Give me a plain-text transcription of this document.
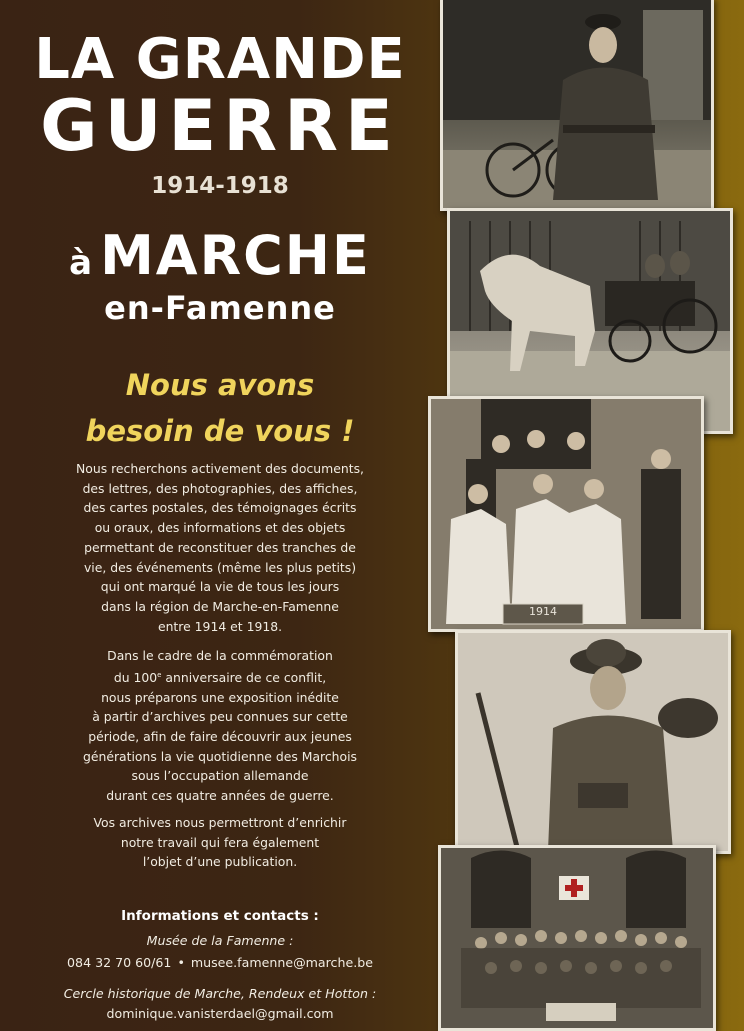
LA GRANDE
GUERRE
1914-1918
à MARCHE
en-Famenne
Nous avons
besoin de vous !
Nous recherchons activement des documents,
des lettres, des photographies, des affiches,
des cartes postales, des témoignages écrits
ou oraux, des informations et des objets
permettant de reconstituer des tranches de
vie, des événements (même les plus petits)
qui ont marqué la vie de tous les jours
dans la région de Marche-en-Famenne
entre 1914 et 1918.
Dans le cadre de la commémoration
du 100e anniversaire de ce conflit,
nous préparons une exposition inédite
à partir d’archives peu connues sur cette
période, afin de faire découvrir aux jeunes
générations la vie quotidienne des Marchois
sous l’occupation allemande
durant ces quatre années de guerre.
Vos archives nous permettront d’enrichir
notre travail qui fera également
l’objet d’une publication.
Informations et contacts :
Musée de la Famenne :
084 32 70 60/61 • musee.famenne@marche.be
Cercle historique de Marche, Rendeux et Hotton :
dominique.vanisterdael@gmail.com
1914
